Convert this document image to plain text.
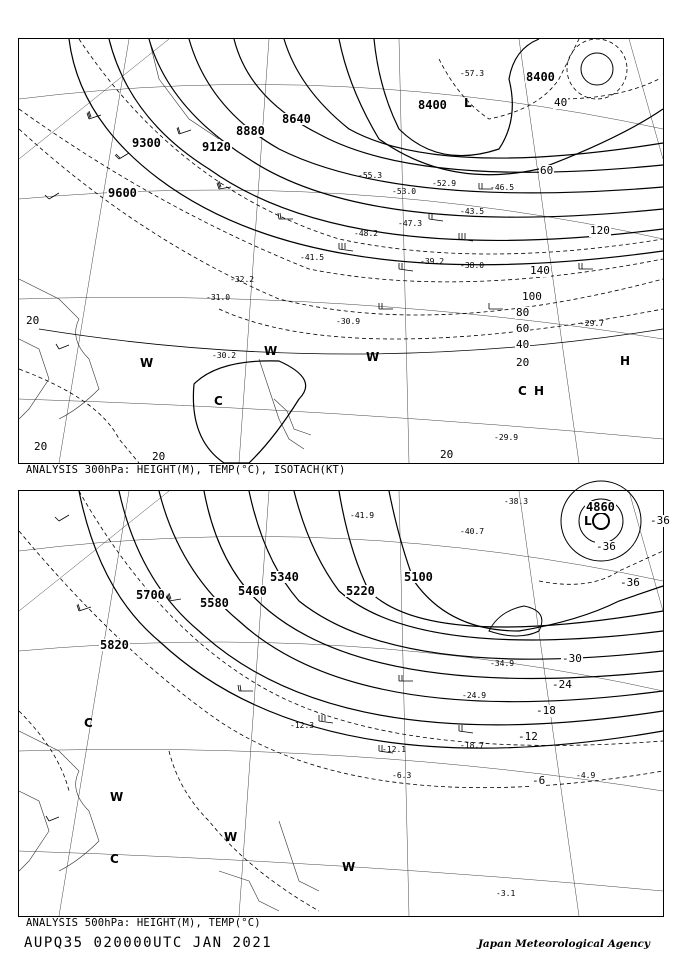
9600
9300	9120
8880
8640
8400
8400
20
20
20	20
20
40
40
60
60
80
100
120
140
-30.9
-31.0
-32.2
-30.2
-29.7
-29.9
-38.0
-39.2
-43.5
-46.5
-47.3
-53.0
-57.3
-55.3
-52.9
-48.2
-41.5
L
H
H
W
W	W
C
C
ANALYSIS 300hPa: HEIGHT(M), TEMP(°C), ISOTACH(KT)
5700
5820
5580
5460
5340
5220
5100
4860
-36
-36
-30
-24
-18
-12
-6
-36
-3.1
-6.3
-12.1	-18.7
-24.9
-34.9
-40.7
-38.3
-41.9
-12.3
-4.9
L
W
W
W
C
C
ANALYSIS 500hPa: HEIGHT(M), TEMP(°C)
AUPQ35 020000UTC JAN 2021	Japan Meteorological Agency
